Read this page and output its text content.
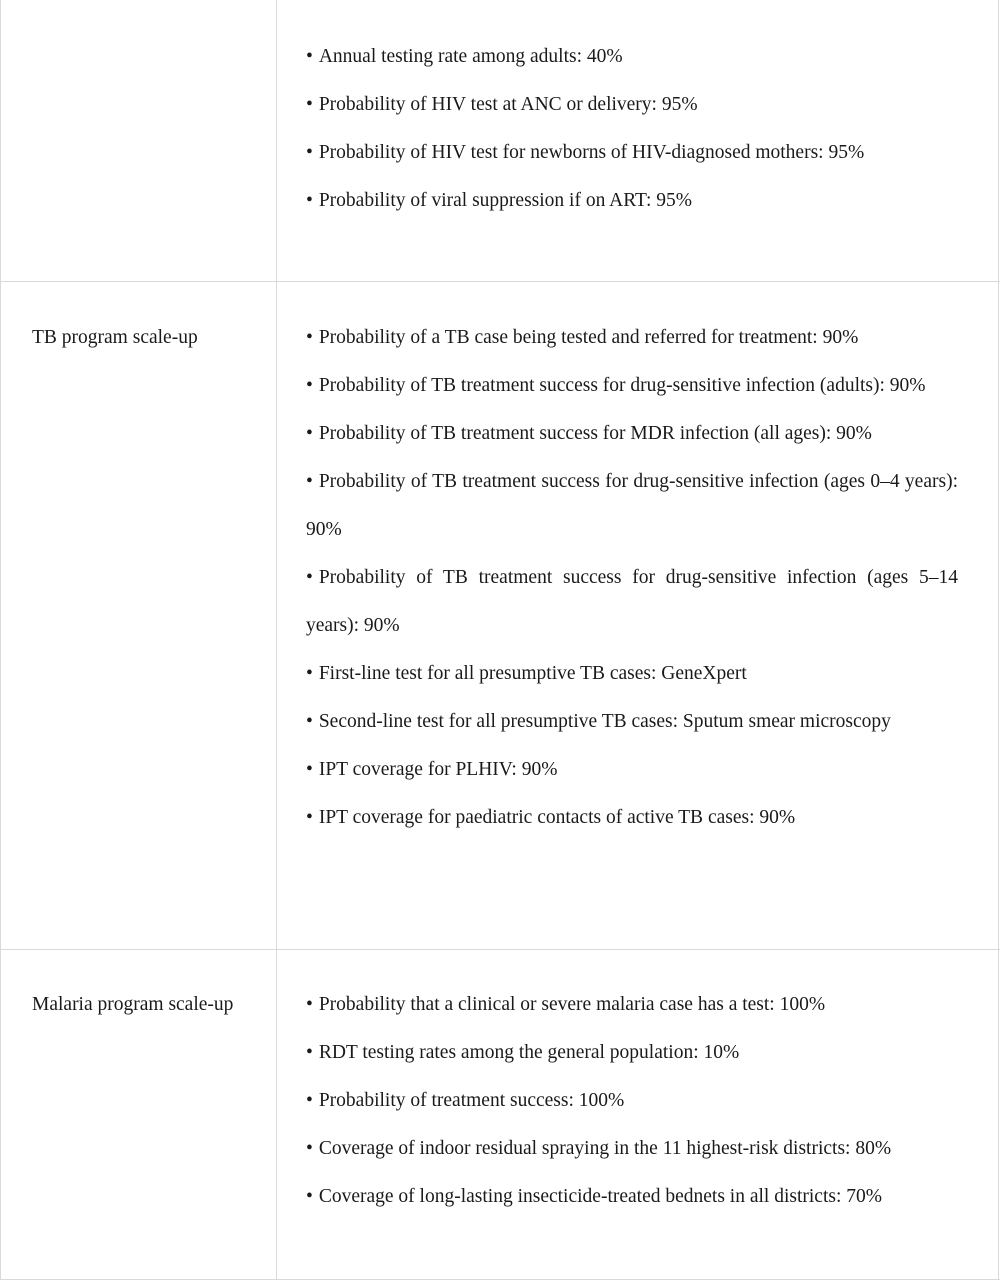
• Annual testing rate among adults: 40%
• Probability of HIV test at ANC or delivery: 95%
• Probability of HIV test for newborns of HIV-diagnosed mothers: 95%
• Probability of viral suppression if on ART: 95%
TB program scale-up	• Probability of a TB case being tested and referred for treatment: 90%
• Probability of TB treatment success for drug-sensitive infection (adults): 90%
• Probability of TB treatment success for MDR infection (all ages): 90%
• Probability of TB treatment success for drug-sensitive infection (ages 0–4 years): 90%
• Probability of TB treatment success for drug-sensitive infection (ages 5–14 years): 90%
• First-line test for all presumptive TB cases: GeneXpert
• Second-line test for all presumptive TB cases: Sputum smear microscopy
• IPT coverage for PLHIV: 90%
• IPT coverage for paediatric contacts of active TB cases: 90%
Malaria program scale-up	• Probability that a clinical or severe malaria case has a test: 100%
• RDT testing rates among the general population: 10%
• Probability of treatment success: 100%
• Coverage of indoor residual spraying in the 11 highest-risk districts: 80%
• Coverage of long-lasting insecticide-treated bednets in all districts: 70%
